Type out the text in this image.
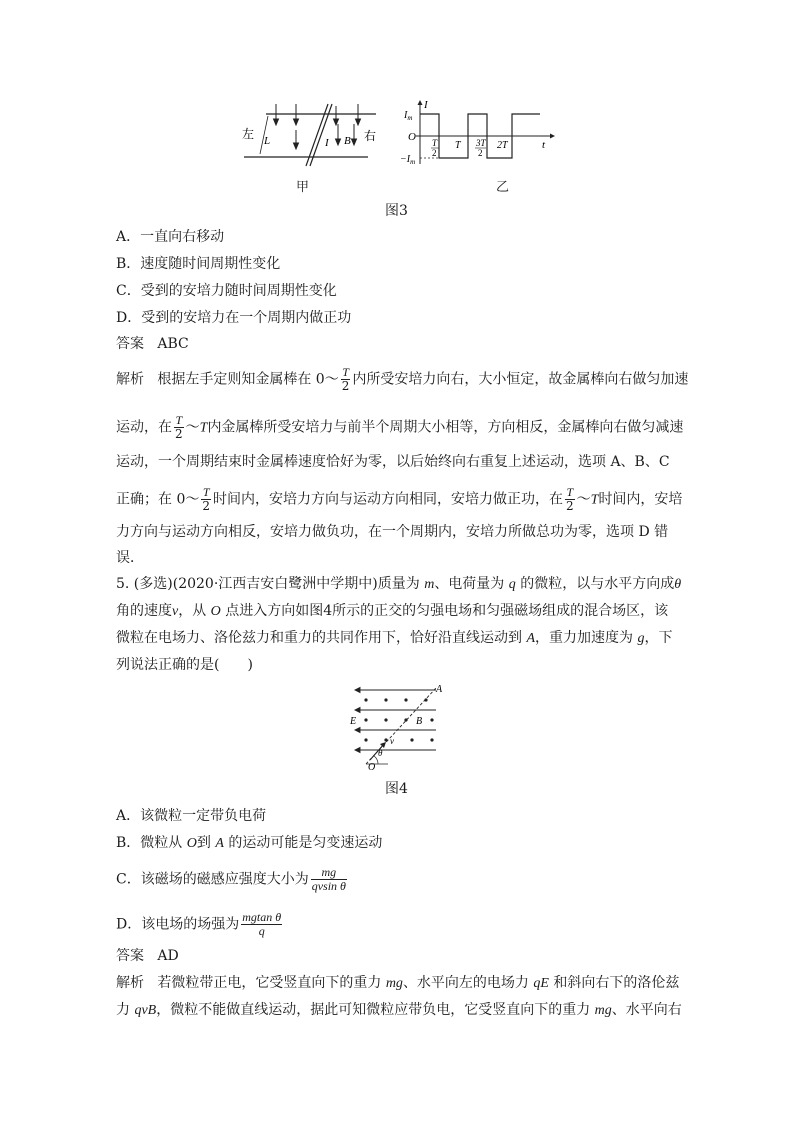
左	右
L	I B
甲
I
$I_m$
O
$-I_m$
t
T
2
T 3T
2
2T
乙
图3
A．一直向右移动
B．速度随时间周期性变化
C．受到的安培力随时间周期性变化
D．受到的安培力在一个周期内做正功
答案 ABC
解析 根据左手定则知金属棒在 0～ $\frac{T}{2}$ 内所受安培力向右，大小恒定，故金属棒向右做匀加速
运动，在 $\frac{T}{2}$ ～T内金属棒所受安培力与前半个周期大小相等，方向相反，金属棒向右做匀减速
运动，一个周期结束时金属棒速度恰好为零，以后始终向右重复上述运动，选项 A、B、C
正确；在 0～ $\frac{T}{2}$ 时间内，安培力方向与运动方向相同，安培力做正功，在 $\frac{T}{2}$ ～T时间内，安培
力方向与运动方向相反，安培力做负功，在一个周期内，安培力所做总功为零，选项 D 错
误．
5. (多选)(2020·江西吉安白鹭洲中学期中)质量为 m、电荷量为 q 的微粒，以与水平方向成θ
角的速度v，从 O 点进入方向如图4所示的正交的匀强电场和匀强磁场组成的混合场区，该
微粒在电场力、洛伦兹力和重力的共同作用下，恰好沿直线运动到 A，重力加速度为 g，下
列说法正确的是(　　)
A
E	B
v
θ
O
图4
A．该微粒一定带负电荷
B．微粒从 O到 A 的运动可能是匀变速运动
C．该磁场的磁感应强度大小为 $\frac{mg}{\text{qvsin θ}}$
D．该电场的场强为 $\frac{\text{mgtan θ}}{q}$
答案 AD
解析 若微粒带正电，它受竖直向下的重力 mg、水平向左的电场力 qE 和斜向右下的洛伦兹
力 qvB，微粒不能做直线运动，据此可知微粒应带负电，它受竖直向下的重力 mg、水平向右
